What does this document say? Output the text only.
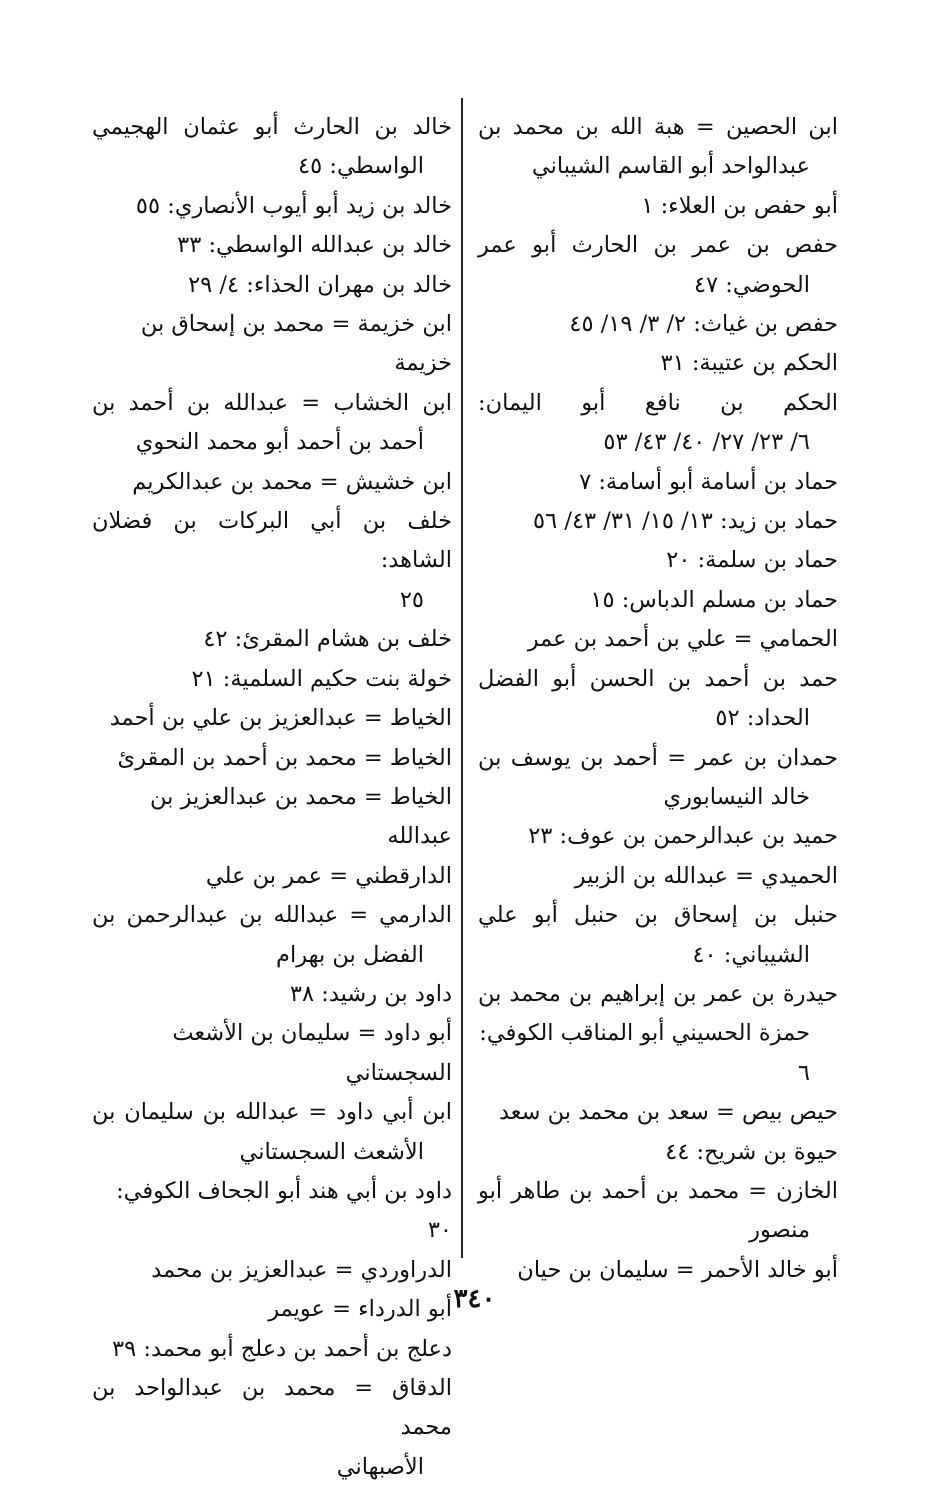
ابن الحصين = هبة الله بن محمد بن
عبدالواحد أبو القاسم الشيباني
أبو حفص بن العلاء: ١
حفص بن عمر بن الحارث أبو عمر
الحوضي: ٤٧
حفص بن غياث: ٢/ ٣/ ١٩/ ٤٥
الحكم بن عتيبة: ٣١
الحكم بن نافع أبو اليمان:
٦/ ٢٣/ ٢٧/ ٤٠/ ٤٣/ ٥٣
حماد بن أسامة أبو أسامة: ٧
حماد بن زيد: ١٣/ ١٥/ ٣١/ ٤٣/ ٥٦
حماد بن سلمة: ٢٠
حماد بن مسلم الدباس: ١٥
الحمامي = علي بن أحمد بن عمر
حمد بن أحمد بن الحسن أبو الفضل
الحداد: ٥٢
حمدان بن عمر = أحمد بن يوسف بن
خالد النيسابوري
حميد بن عبدالرحمن بن عوف: ٢٣
الحميدي = عبدالله بن الزبير
حنبل بن إسحاق بن حنبل أبو علي
الشيباني: ٤٠
حيدرة بن عمر بن إبراهيم بن محمد بن
حمزة الحسيني أبو المناقب الكوفي: ٦
حيص بيص = سعد بن محمد بن سعد
حيوة بن شريح: ٤٤
الخازن = محمد بن أحمد بن طاهر أبو
منصور
أبو خالد الأحمر = سليمان بن حيان
خالد بن الحارث أبو عثمان الهجيمي
الواسطي: ٤٥
خالد بن زيد أبو أيوب الأنصاري: ٥٥
خالد بن عبدالله الواسطي: ٣٣
خالد بن مهران الحذاء: ٤/ ٢٩
ابن خزيمة = محمد بن إسحاق بن خزيمة
ابن الخشاب = عبدالله بن أحمد بن
أحمد بن أحمد أبو محمد النحوي
ابن خشيش = محمد بن عبدالكريم
خلف بن أبي البركات بن فضلان الشاهد:
٢٥
خلف بن هشام المقرئ: ٤٢
خولة بنت حكيم السلمية: ٢١
الخياط = عبدالعزيز بن علي بن أحمد
الخياط = محمد بن أحمد بن المقرئ
الخياط = محمد بن عبدالعزيز بن عبدالله
الدارقطني = عمر بن علي
الدارمي = عبدالله بن عبدالرحمن بن
الفضل بن بهرام
داود بن رشيد: ٣٨
أبو داود = سليمان بن الأشعث السجستاني
ابن أبي داود = عبدالله بن سليمان بن
الأشعث السجستاني
داود بن أبي هند أبو الجحاف الكوفي: ٣٠
الدراوردي = عبدالعزيز بن محمد
أبو الدرداء = عويمر
دعلج بن أحمد بن دعلج أبو محمد: ٣٩
الدقاق = محمد بن عبدالواحد بن محمد
الأصبهاني
٣٤٠
